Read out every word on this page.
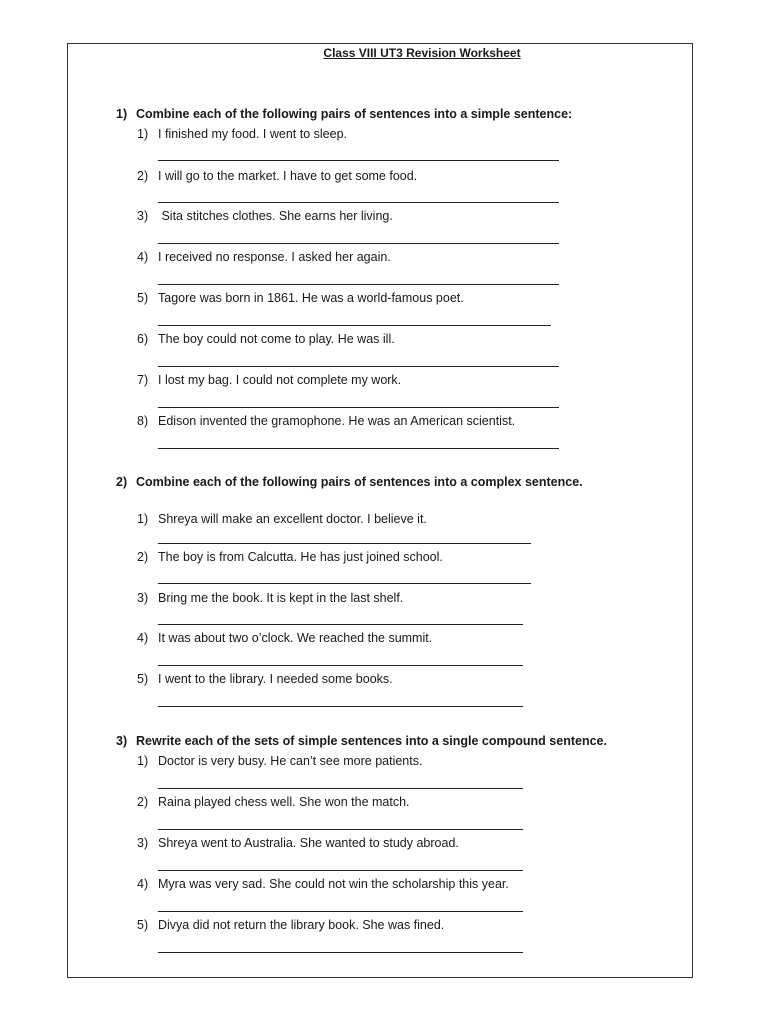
Class VIII UT3 Revision Worksheet
1) Combine each of the following pairs of sentences into a simple sentence:
1) I finished my food. I went to sleep.
2) I will go to the market. I have to get some food.
3) Sita stitches clothes. She earns her living.
4) I received no response. I asked her again.
5) Tagore was born in 1861. He was a world-famous poet.
6) The boy could not come to play. He was ill.
7) I lost my bag. I could not complete my work.
8) Edison invented the gramophone. He was an American scientist.
2) Combine each of the following pairs of sentences into a complex sentence.
1) Shreya will make an excellent doctor. I believe it.
2) The boy is from Calcutta. He has just joined school.
3) Bring me the book. It is kept in the last shelf.
4) It was about two o’clock. We reached the summit.
5) I went to the library. I needed some books.
3) Rewrite each of the sets of simple sentences into a single compound sentence.
1) Doctor is very busy. He can’t see more patients.
2) Raina played chess well. She won the match.
3) Shreya went to Australia. She wanted to study abroad.
4) Myra was very sad. She could not win the scholarship this year.
5) Divya did not return the library book. She was fined.
